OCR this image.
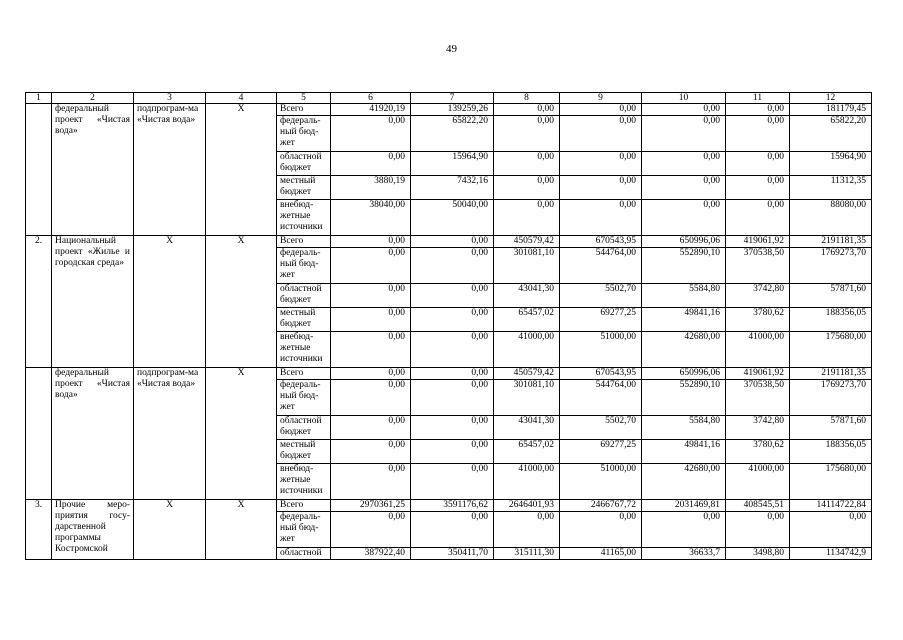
49
1	2	3	4	5	6	7	8	9	10	11	12
	федеральный проект «Чистая вода»	подпрограм-ма «Чистая вода»	Х	Всего	41920,19	139259,26	0,00	0,00	0,00	0,00	181179,45
				федераль-ный бюд-жет	0,00	65822,20	0,00	0,00	0,00	0,00	65822,20
				областной бюджет	0,00	15964,90	0,00	0,00	0,00	0,00	15964,90
				местный бюджет	3880,19	7432,16	0,00	0,00	0,00	0,00	11312,35
				внебюд-жетные источники	38040,00	50040,00	0,00	0,00	0,00	0,00	88080,00
2.	Национальный проект «Жилье и городская среда»	Х	Х	Всего	0,00	0,00	450579,42	670543,95	650996,06	419061,92	2191181,35
				федераль-ный бюд-жет	0,00	0,00	301081,10	544764,00	552890,10	370538,50	1769273,70
				областной бюджет	0,00	0,00	43041,30	5502,70	5584,80	3742,80	57871,60
				местный бюджет	0,00	0,00	65457,02	69277,25	49841,16	3780,62	188356,05
				внебюд-жетные источники	0,00	0,00	41000,00	51000,00	42680,00	41000,00	175680,00
	федеральный проект «Чистая вода»	подпрограм-ма «Чистая вода»	Х	Всего	0,00	0,00	450579,42	670543,95	650996,06	419061,92	2191181,35
				федераль-ный бюд-жет	0,00	0,00	301081,10	544764,00	552890,10	370538,50	1769273,70
				областной бюджет	0,00	0,00	43041,30	5502,70	5584,80	3742,80	57871,60
				местный бюджет	0,00	0,00	65457,02	69277,25	49841,16	3780,62	188356,05
				внебюд-жетные источники	0,00	0,00	41000,00	51000,00	42680,00	41000,00	175680,00
3.	Прочие меро-приятия госу-дарственной программы Костромской	Х	Х	Всего	2970361,25	3591176,62	2646401,93	2466767,72	2031469,81	408545,51	14114722,84
				федераль-ный бюд-жет	0,00	0,00	0,00	0,00	0,00	0,00	0,00
				областной	387922,40	350411,70	315111,30	41165,00	36633,7	3498,80	1134742,9
